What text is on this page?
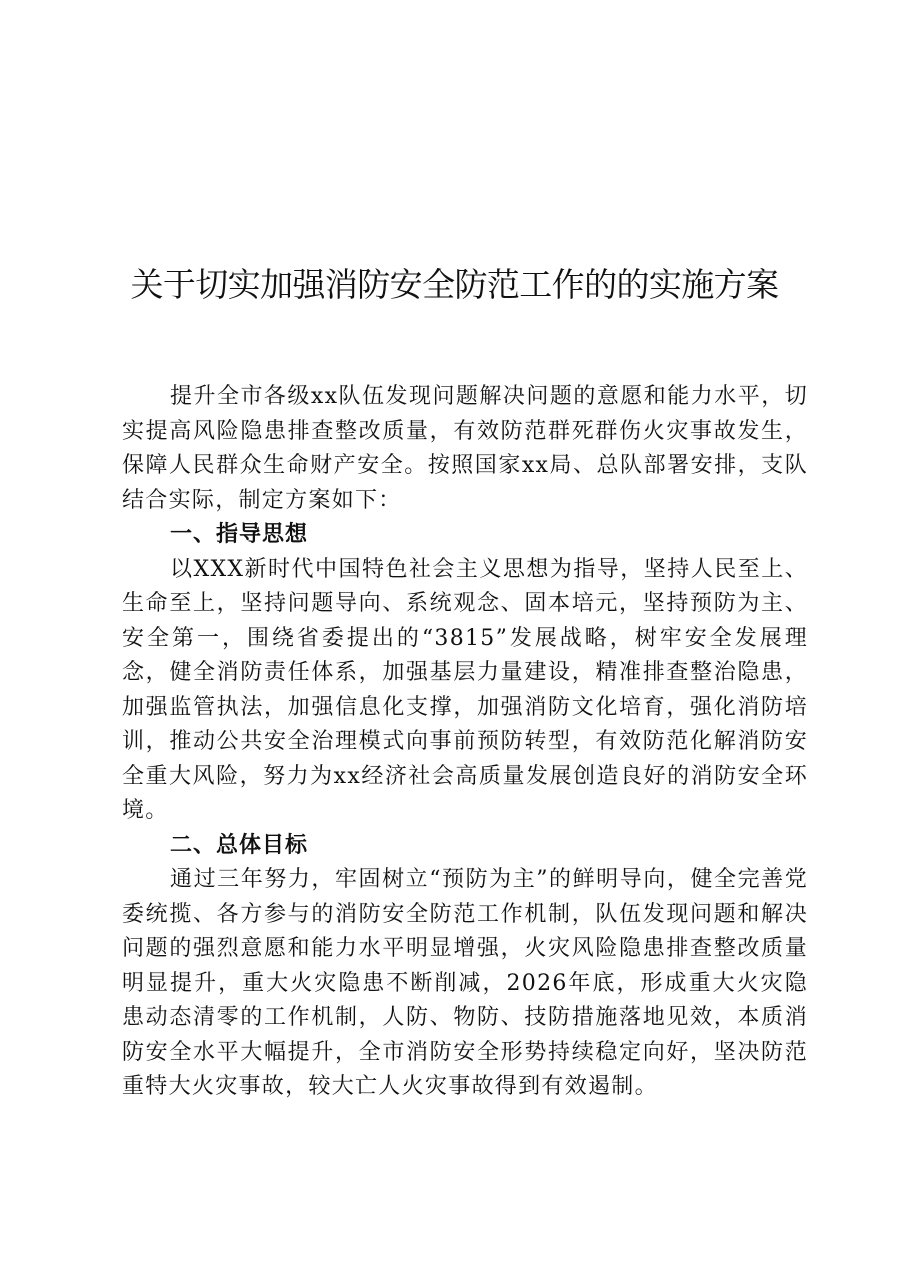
关于切实加强消防安全防范工作的的实施方案

提升全市各级xx队伍发现问题解决问题的意愿和能力水平，切实提高风险隐患排查整改质量，有效防范群死群伤火灾事故发生，保障人民群众生命财产安全。按照国家xx局、总队部署安排，支队结合实际，制定方案如下：

一、指导思想

以XXX新时代中国特色社会主义思想为指导，坚持人民至上、生命至上，坚持问题导向、系统观念、固本培元，坚持预防为主、安全第一，围绕省委提出的“3815”发展战略，树牢安全发展理念，健全消防责任体系，加强基层力量建设，精准排查整治隐患，加强监管执法，加强信息化支撑，加强消防文化培育，强化消防培训，推动公共安全治理模式向事前预防转型，有效防范化解消防安全重大风险，努力为xx经济社会高质量发展创造良好的消防安全环境。

二、总体目标

通过三年努力，牢固树立“预防为主”的鲜明导向，健全完善党委统揽、各方参与的消防安全防范工作机制，队伍发现问题和解决问题的强烈意愿和能力水平明显增强，火灾风险隐患排查整改质量明显提升，重大火灾隐患不断削减，2026年底，形成重大火灾隐患动态清零的工作机制，人防、物防、技防措施落地见效，本质消防安全水平大幅提升，全市消防安全形势持续稳定向好，坚决防范重特大火灾事故，较大亡人火灾事故得到有效遏制。
